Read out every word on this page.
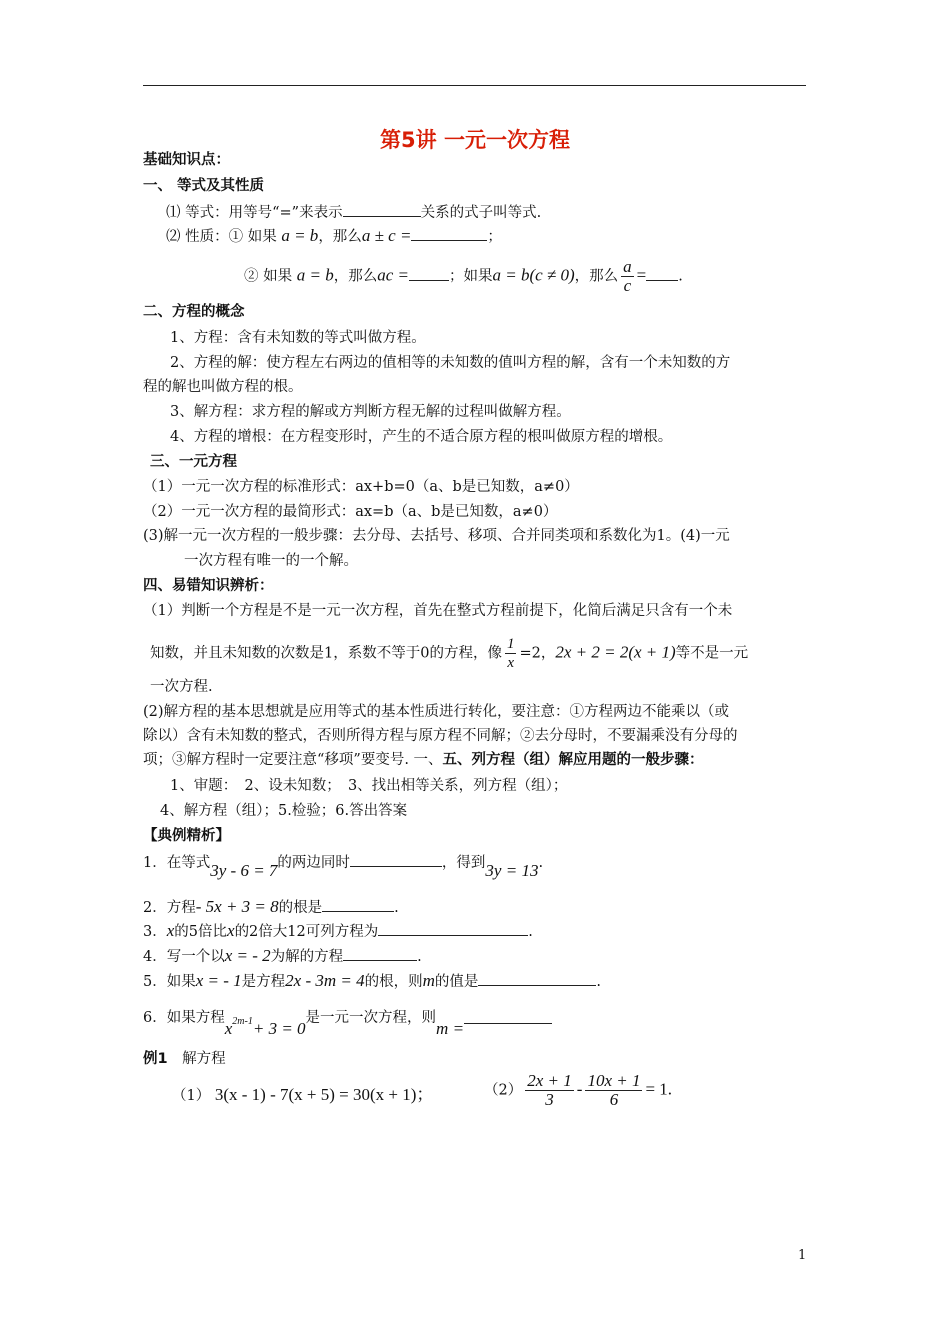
第5讲 一元一次方程
基础知识点：
一、 等式及其性质
⑴ 等式：用等号“=”来表示	关系的式子叫等式.
⑵ 性质：① 如果 a = b，那么a ± c =	；
② 如果 a = b，那么ac =	；如果a = b(c ≠ 0)，那么 $\frac{a}{c}$ = .
二、方程的概念
1、方程：含有未知数的等式叫做方程。
2、方程的解：使方程左右两边的值相等的未知数的值叫方程的解，含有一个未知数的方
程的解也叫做方程的根。
3、解方程：求方程的解或方判断方程无解的过程叫做解方程。
4、方程的增根：在方程变形时，产生的不适合原方程的根叫做原方程的增根。
三、一元方程
（1）一元一次方程的标准形式：ax+b=0（a、b是已知数，a≠0）
（2）一元一次方程的最简形式：ax=b（a、b是已知数，a≠0）
(3)解一元一次方程的一般步骤：去分母、去括号、移项、合并同类项和系数化为1。(4)一元
一次方程有唯一的一个解。
四、易错知识辨析：
（1）判断一个方程是不是一元一次方程，首先在整式方程前提下，化简后满足只含有一个未
知数，并且未知数的次数是1，系数不等于0的方程，像 $\frac{1}{x} =2$，2x + 2 = 2(x + 1)等不是一元
一次方程.
(2)解方程的基本思想就是应用等式的基本性质进行转化，要注意：①方程两边不能乘以（或
除以）含有未知数的整式，否则所得方程与原方程不同解；②去分母时，不要漏乘没有分母的
项；③解方程时一定要注意“移项”要变号. 一、五、列方程（组）解应用题的一般步骤：
1、审题：　2、设未知数；　3、找出相等关系，列方程（组）；
4、解方程（组）；5.检验；6.答出答案
【典例精析】
1．在等式3y - 6 = 7的两边同时	，得到3y = 13.
2．方程- 5x + 3 = 8的根是	.
3．x的5倍比x的2倍大12可列方程为	.
4．写一个以x = - 2为解的方程	.
5．如果x = - 1是方程2x - 3m = 4的根，则m的值是	.
6．如果方程$x^{2m-1}+ 3 = 0$是一元一次方程，则m =
例1　 解方程
（1） 3(x - 1) - 7(x + 5) = 30(x + 1)；	$(2) \frac{2x + 1}{3} - \frac{10x + 1}{6} = 1$.
1
